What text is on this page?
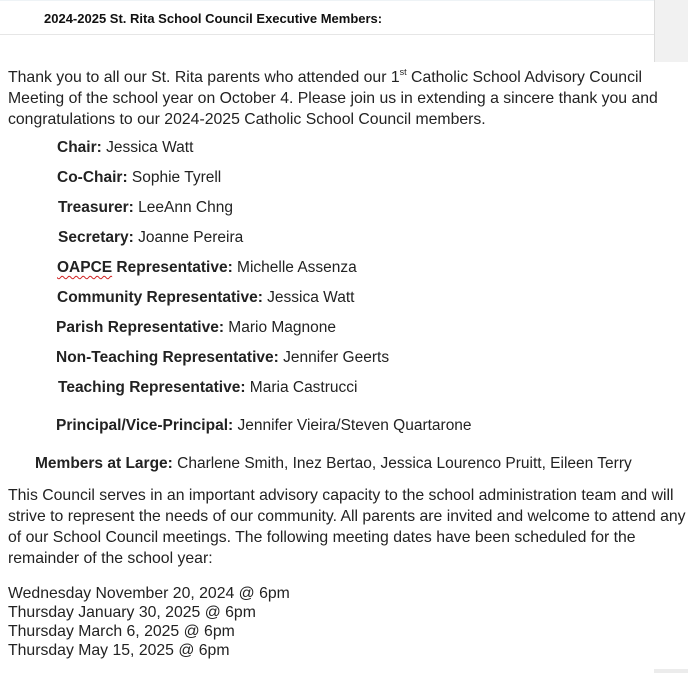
2024-2025 St. Rita School Council Executive Members:

Thank you to all our St. Rita parents who attended our 1st Catholic School Advisory Council Meeting of the school year on October 4. Please join us in extending a sincere thank you and congratulations to our 2024-2025 Catholic School Council members.

Chair: Jessica Watt
Co-Chair: Sophie Tyrell
Treasurer: LeeAnn Chng
Secretary: Joanne Pereira
OAPCE Representative: Michelle Assenza
Community Representative: Jessica Watt
Parish Representative: Mario Magnone
Non-Teaching Representative: Jennifer Geerts
Teaching Representative: Maria Castrucci
Principal/Vice-Principal: Jennifer Vieira/Steven Quartarone
Members at Large: Charlene Smith, Inez Bertao, Jessica Lourenco Pruitt, Eileen Terry

This Council serves in an important advisory capacity to the school administration team and will strive to represent the needs of our community. All parents are invited and welcome to attend any of our School Council meetings. The following meeting dates have been scheduled for the remainder of the school year:

Wednesday November 20, 2024 @ 6pm
Thursday January 30, 2025 @ 6pm
Thursday March 6, 2025 @ 6pm
Thursday May 15, 2025 @ 6pm
